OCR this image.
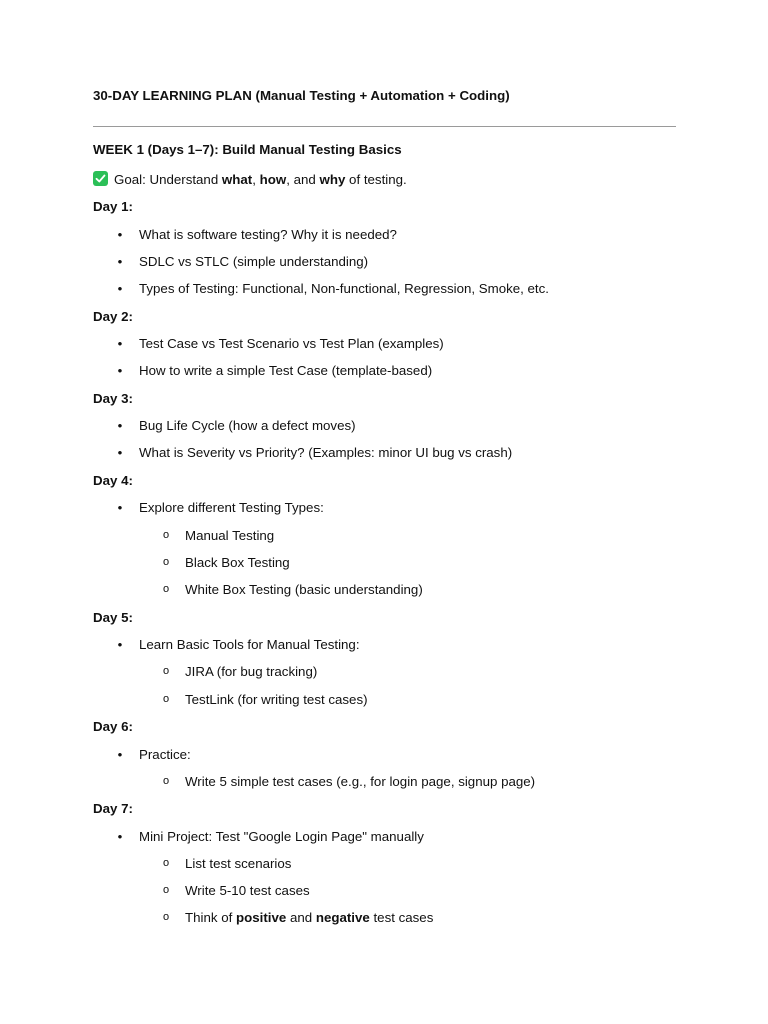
30-DAY LEARNING PLAN (Manual Testing + Automation + Coding)
WEEK 1 (Days 1–7): Build Manual Testing Basics
Goal: Understand what, how, and why of testing.
Day 1:
• What is software testing? Why it is needed?
• SDLC vs STLC (simple understanding)
• Types of Testing: Functional, Non-functional, Regression, Smoke, etc.
Day 2:
• Test Case vs Test Scenario vs Test Plan (examples)
• How to write a simple Test Case (template-based)
Day 3:
• Bug Life Cycle (how a defect moves)
• What is Severity vs Priority? (Examples: minor UI bug vs crash)
Day 4:
• Explore different Testing Types:
o Manual Testing
o Black Box Testing
o White Box Testing (basic understanding)
Day 5:
• Learn Basic Tools for Manual Testing:
o JIRA (for bug tracking)
o TestLink (for writing test cases)
Day 6:
• Practice:
o Write 5 simple test cases (e.g., for login page, signup page)
Day 7:
• Mini Project: Test "Google Login Page" manually
o List test scenarios
o Write 5-10 test cases
o Think of positive and negative test cases
